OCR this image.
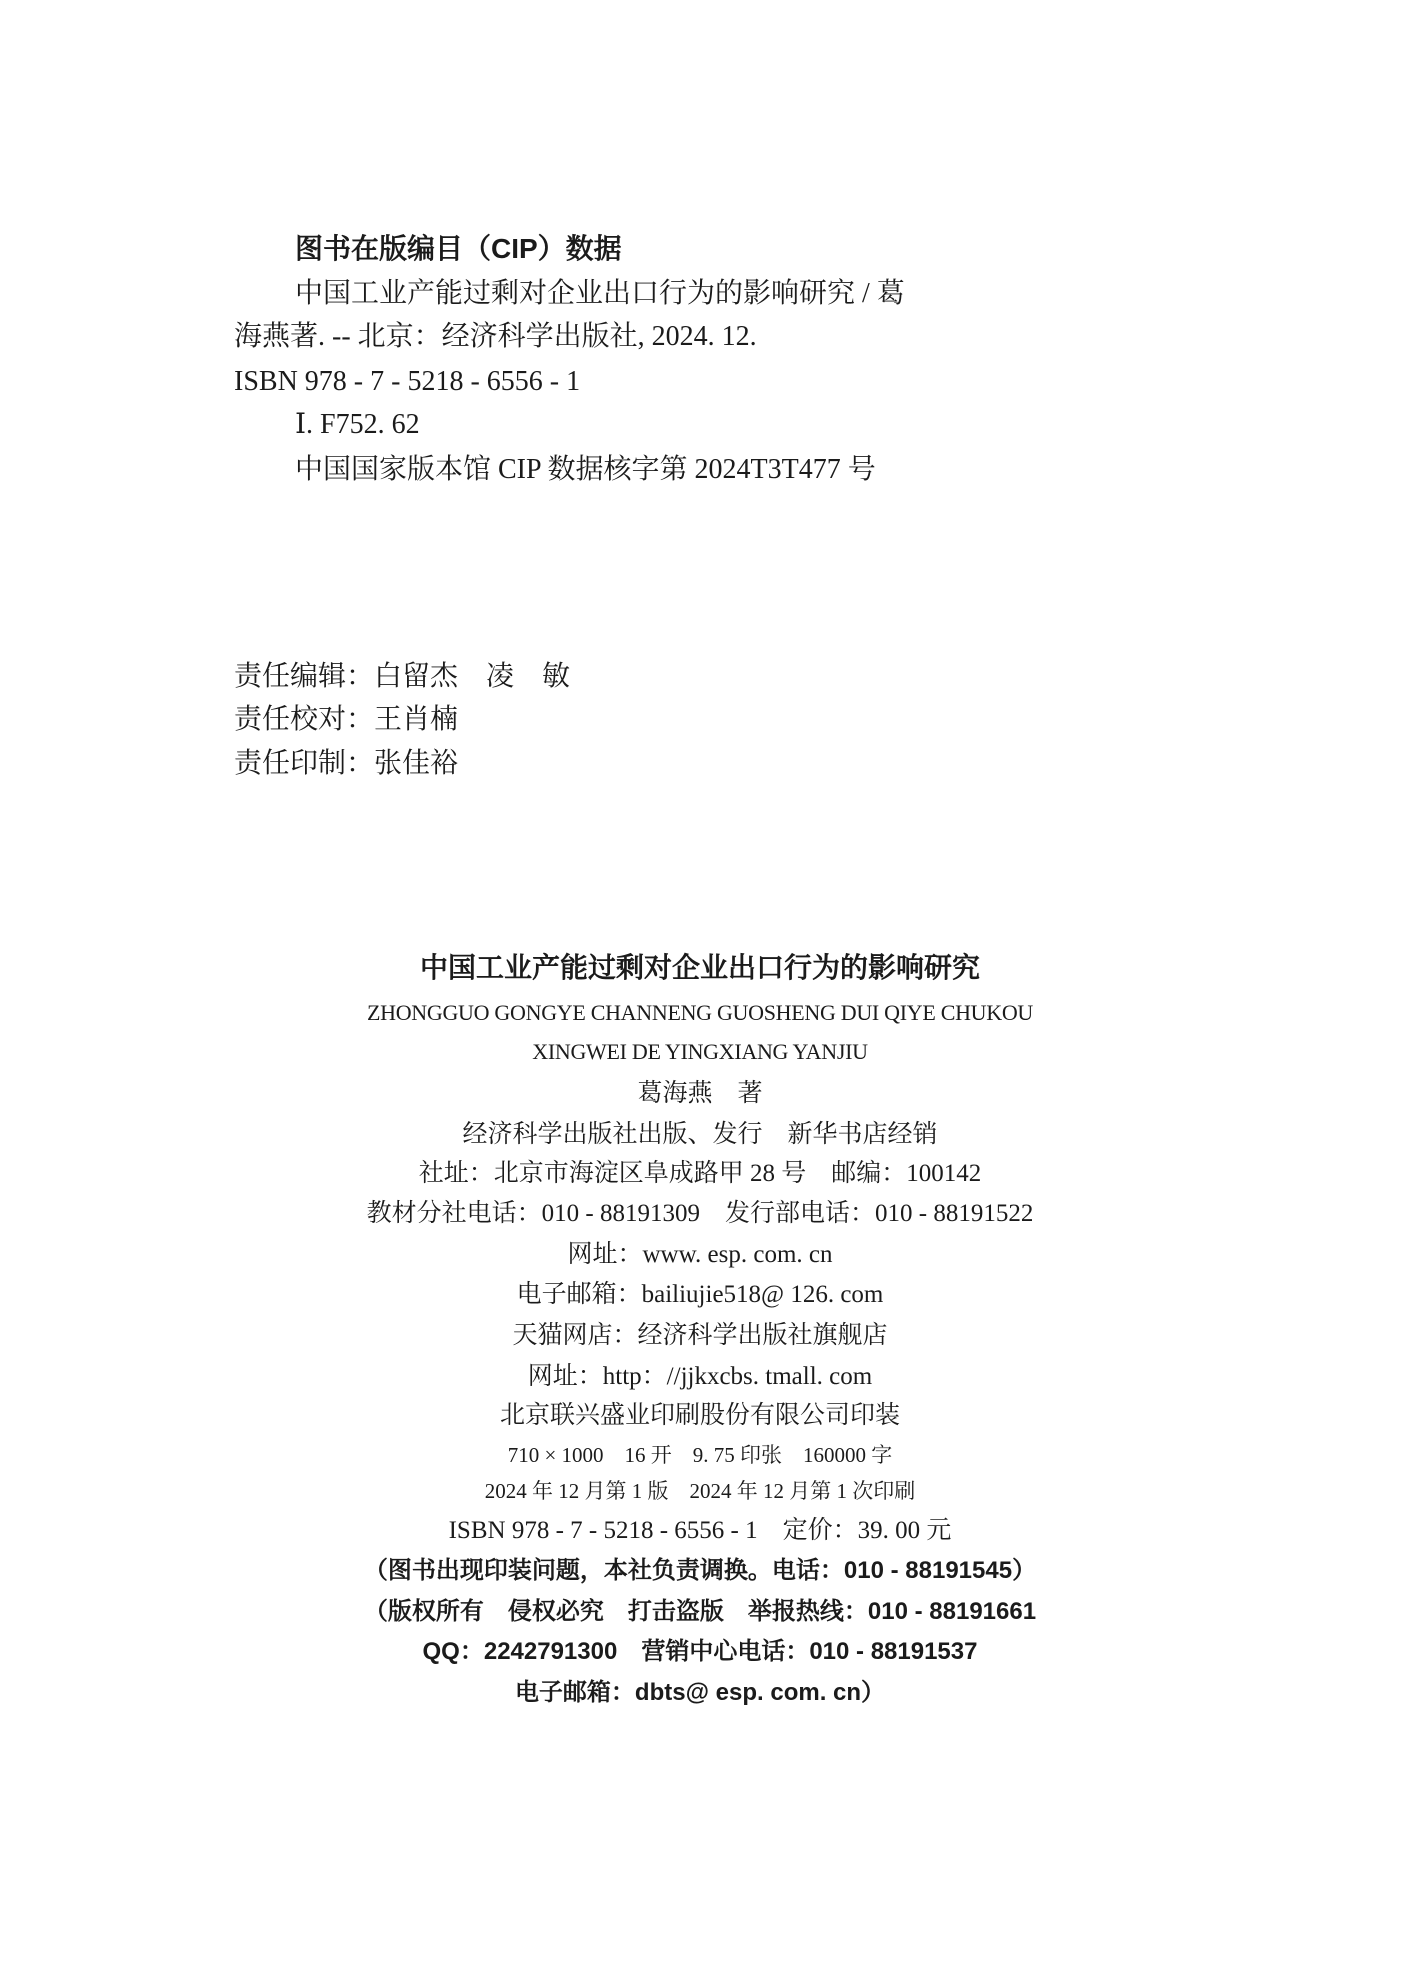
图书在版编目（CIP）数据
中国工业产能过剩对企业出口行为的影响研究 / 葛
海燕著. -- 北京：经济科学出版社, 2024. 12.
ISBN 978 - 7 - 5218 - 6556 - 1
Ⅰ. F752. 62
中国国家版本馆 CIP 数据核字第 2024T3T477 号
责任编辑：白留杰　凌　敏
责任校对：王肖楠
责任印制：张佳裕
中国工业产能过剩对企业出口行为的影响研究
ZHONGGUO GONGYE CHANNENG GUOSHENG DUI QIYE CHUKOU
XINGWEI DE YINGXIANG YANJIU
葛海燕　著
经济科学出版社出版、发行　新华书店经销
社址：北京市海淀区阜成路甲 28 号　邮编：100142
教材分社电话：010 - 88191309　发行部电话：010 - 88191522
网址：www. esp. com. cn
电子邮箱：bailiujie518@ 126. com
天猫网店：经济科学出版社旗舰店
网址：http：//jjkxcbs. tmall. com
北京联兴盛业印刷股份有限公司印装
710 × 1000　16 开　9. 75 印张　160000 字
2024 年 12 月第 1 版　2024 年 12 月第 1 次印刷
ISBN 978 - 7 - 5218 - 6556 - 1　定价：39. 00 元
（图书出现印装问题，本社负责调换。电话：010 - 88191545）
（版权所有　侵权必究　打击盗版　举报热线：010 - 88191661
QQ：2242791300　营销中心电话：010 - 88191537
电子邮箱：dbts@ esp. com. cn）
